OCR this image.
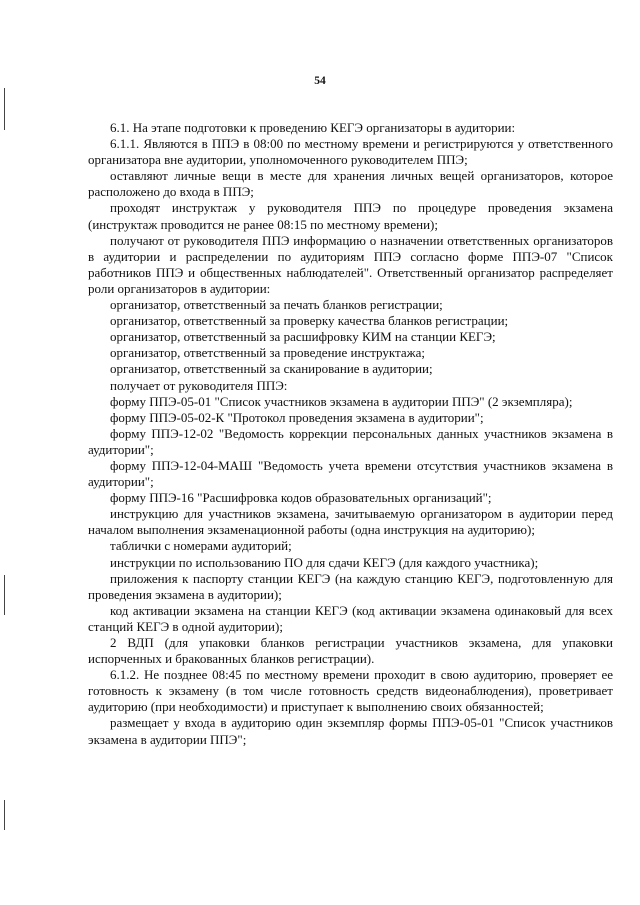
54

6.1. На этапе подготовки к проведению КЕГЭ организаторы в аудитории:

6.1.1. Являются в ППЭ в 08:00 по местному времени и регистрируются у ответственного организатора вне аудитории, уполномоченного руководителем ППЭ;

оставляют личные вещи в месте для хранения личных вещей организаторов, которое расположено до входа в ППЭ;

проходят инструктаж у руководителя ППЭ по процедуре проведения экзамена (инструктаж проводится не ранее 08:15 по местному времени);

получают от руководителя ППЭ информацию о назначении ответственных организаторов в аудитории и распределении по аудиториям ППЭ согласно форме ППЭ-07 "Список работников ППЭ и общественных наблюдателей". Ответственный организатор распределяет роли организаторов в аудитории:

организатор, ответственный за печать бланков регистрации;

организатор, ответственный за проверку качества бланков регистрации;

организатор, ответственный за расшифровку КИМ на станции КЕГЭ;

организатор, ответственный за проведение инструктажа;

организатор, ответственный за сканирование в аудитории;

получает от руководителя ППЭ:

форму ППЭ-05-01 "Список участников экзамена в аудитории ППЭ" (2 экземпляра);

форму ППЭ-05-02-К "Протокол проведения экзамена в аудитории";

форму ППЭ-12-02 "Ведомость коррекции персональных данных участников экзамена в аудитории";

форму ППЭ-12-04-МАШ "Ведомость учета времени отсутствия участников экзамена в аудитории";

форму ППЭ-16 "Расшифровка кодов образовательных организаций";

инструкцию для участников экзамена, зачитываемую организатором в аудитории перед началом выполнения экзаменационной работы (одна инструкция на аудиторию);

таблички с номерами аудиторий;

инструкции по использованию ПО для сдачи КЕГЭ (для каждого участника);

приложения к паспорту станции КЕГЭ (на каждую станцию КЕГЭ, подготовленную для проведения экзамена в аудитории);

код активации экзамена на станции КЕГЭ (код активации экзамена одинаковый для всех станций КЕГЭ в одной аудитории);

2 ВДП (для упаковки бланков регистрации участников экзамена, для упаковки испорченных и бракованных бланков регистрации).

6.1.2. Не позднее 08:45 по местному времени проходит в свою аудиторию, проверяет ее готовность к экзамену (в том числе готовность средств видеонаблюдения), проветривает аудиторию (при необходимости) и приступает к выполнению своих обязанностей;

размещает у входа в аудиторию один экземпляр формы ППЭ-05-01 "Список участников экзамена в аудитории ППЭ";
